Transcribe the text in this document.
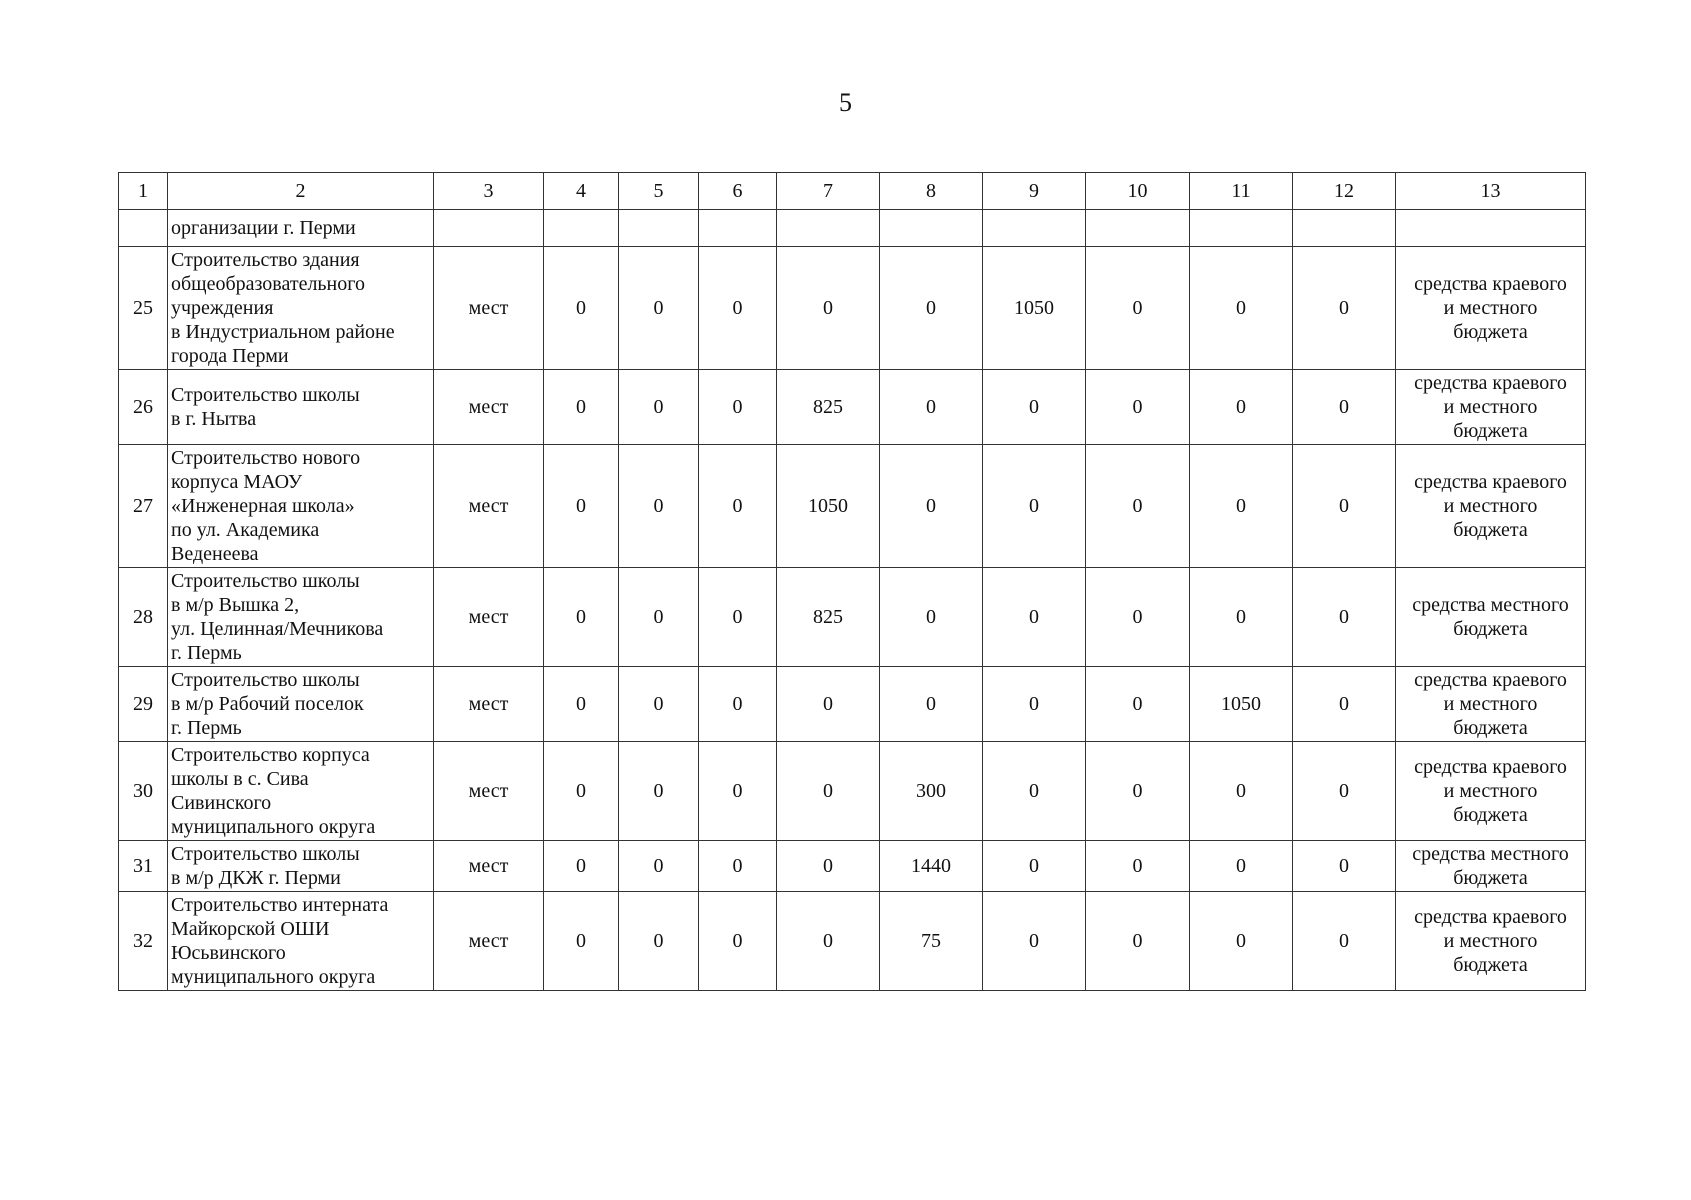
5
1	2	3	4	5	6	7	8	9	10	11	12	13
	организации г. Перми											
25	Строительство здания
общеобразовательного
учреждения
в Индустриальном районе
города Перми	мест	0	0	0	0	0	1050	0	0	0	средства краевого
и местного
бюджета
26	Строительство школы
в г. Нытва	мест	0	0	0	825	0	0	0	0	0	средства краевого
и местного
бюджета
27	Строительство нового
корпуса МАОУ
«Инженерная школа»
по ул. Академика
Веденеева	мест	0	0	0	1050	0	0	0	0	0	средства краевого
и местного
бюджета
28	Строительство школы
в м/р Вышка 2,
ул. Целинная/Мечникова
г. Пермь	мест	0	0	0	825	0	0	0	0	0	средства местного
бюджета
29	Строительство школы
в м/р Рабочий поселок
г. Пермь	мест	0	0	0	0	0	0	0	1050	0	средства краевого
и местного
бюджета
30	Строительство корпуса
школы в с. Сива
Сивинского
муниципального округа	мест	0	0	0	0	300	0	0	0	0	средства краевого
и местного
бюджета
31	Строительство школы
в м/р ДКЖ г. Перми	мест	0	0	0	0	1440	0	0	0	0	средства местного
бюджета
32	Строительство интерната
Майкорской ОШИ
Юсьвинского
муниципального округа	мест	0	0	0	0	75	0	0	0	0	средства краевого
и местного
бюджета
